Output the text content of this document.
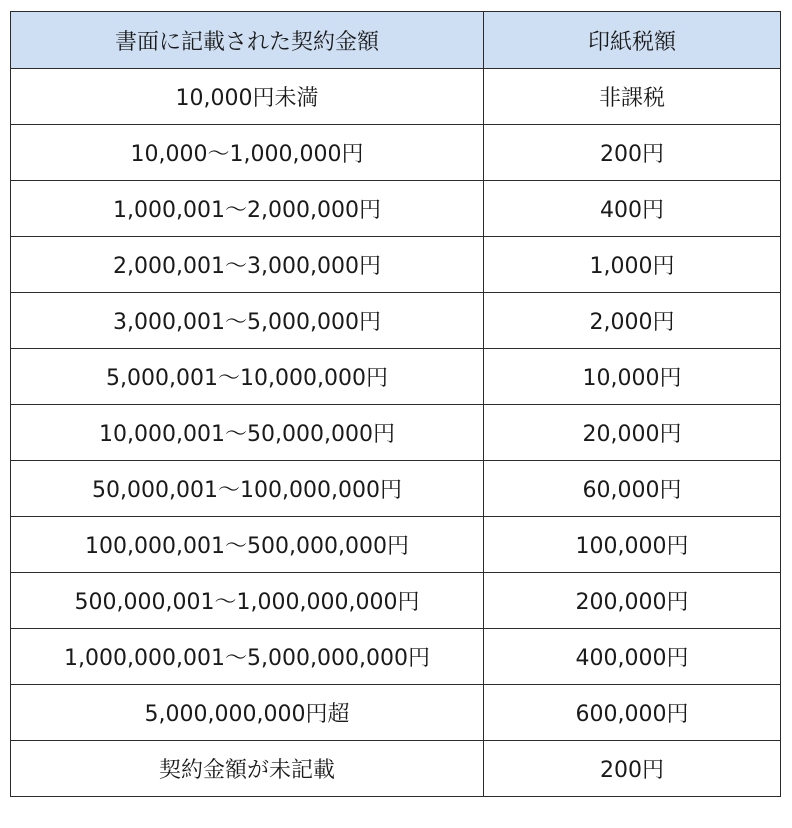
書面に記載された契約金額	印紙税額
10,000円未満	非課税
10,000〜1,000,000円	200円
1,000,001〜2,000,000円	400円
2,000,001〜3,000,000円	1,000円
3,000,001〜5,000,000円	2,000円
5,000,001〜10,000,000円	10,000円
10,000,001〜50,000,000円	20,000円
50,000,001〜100,000,000円	60,000円
100,000,001〜500,000,000円	100,000円
500,000,001〜1,000,000,000円	200,000円
1,000,000,001〜5,000,000,000円	400,000円
5,000,000,000円超	600,000円
契約金額が未記載	200円
